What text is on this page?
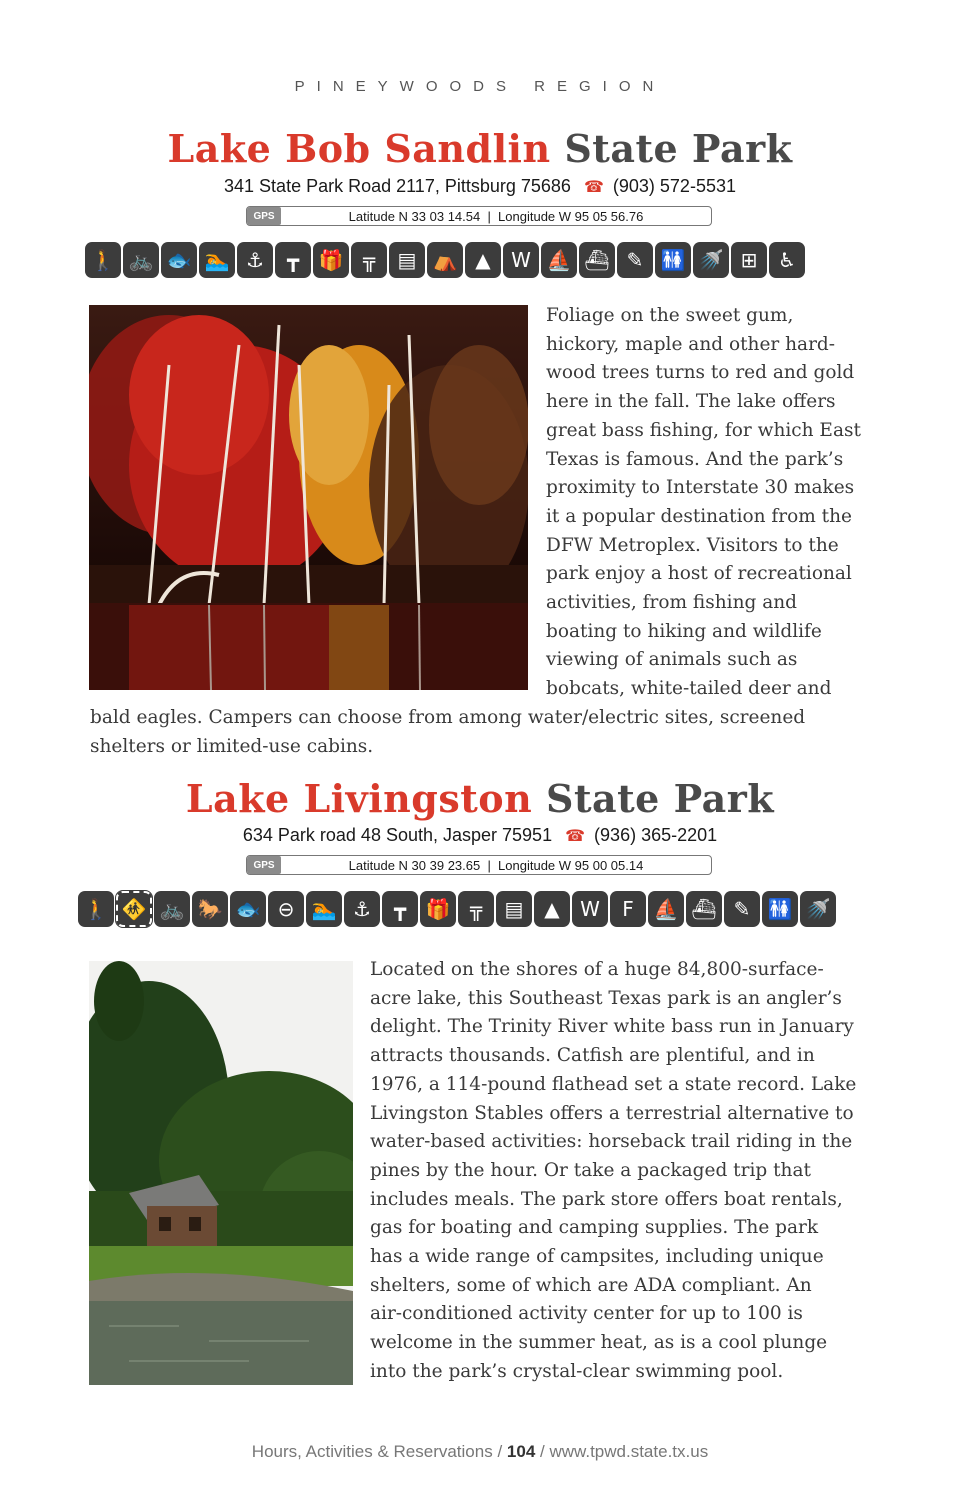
PINEYWOODS REGION
Lake Bob Sandlin State Park
341 State Park Road 2117, Pittsburg 75686 ☎ (903) 572-5531
GPS	Latitude N 33 03 14.54  |  Longitude W 95 05 56.76
🚶 🚲 🐟 🏊 ⚓	┳ 🎁 ╦	▤ ⛺ ▲	W ⛵ ⛴ ✎ 🚻 🚿 ⊞	♿
Foliage on the sweet gum,
hickory, maple and other hard-
wood trees turns to red and gold
here in the fall. The lake offers
great bass fishing, for which East
Texas is famous. And the park’s
proximity to Interstate 30 makes
it a popular destination from the
DFW Metroplex. Visitors to the
park enjoy a host of recreational
activities, from fishing and
boating to hiking and wildlife
viewing of animals such as
bobcats, white-tailed deer and
bald eagles. Campers can choose from among water/electric sites, screened
shelters or limited-use cabins.
Lake Livingston State Park
634 Park road 48 South, Jasper 75951 ☎ (936) 365-2201
GPS	Latitude N 30 39 23.65  |  Longitude W 95 00 05.14
🚶 🚸 🚲 🐎 🐟 ⊖ 🏊 ⚓	┳ 🎁 ╦	▤	▲	W	F ⛵ ⛴ ✎ 🚻 🚿
Located on the shores of a huge 84,800-surface-
acre lake, this Southeast Texas park is an angler’s
delight. The Trinity River white bass run in January
attracts thousands. Catfish are plentiful, and in
1976, a 114-pound flathead set a state record. Lake
Livingston Stables offers a terrestrial alternative to
water-based activities: horseback trail riding in the
pines by the hour. Or take a packaged trip that
includes meals. The park store offers boat rentals,
gas for boating and camping supplies. The park
has a wide range of campsites, including unique
shelters, some of which are ADA compliant. An
air-conditioned activity center for up to 100 is
welcome in the summer heat, as is a cool plunge
into the park’s crystal-clear swimming pool.
Hours, Activities & Reservations / 104 / www.tpwd.state.tx.us
